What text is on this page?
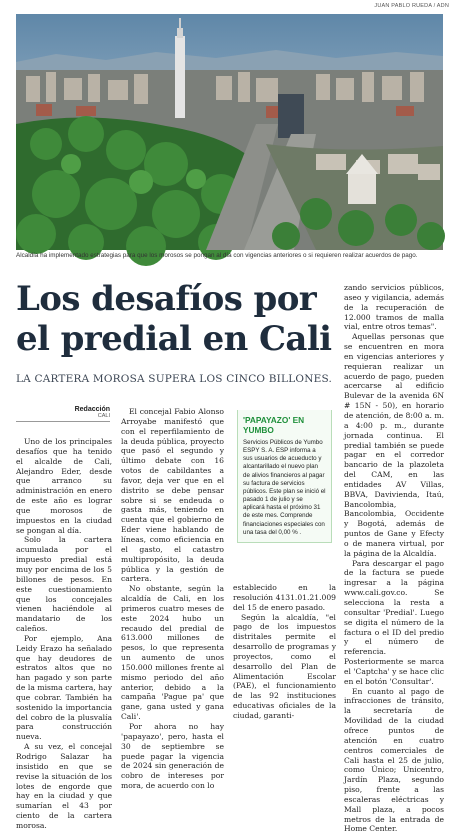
JUAN PABLO RUEDA / ADN
Alcaldía ha implementado estrategias para que los morosos se pongan al día con vigencias anteriores o si requieren realizar acuerdos de pago.
Los desafíos por el predial en Cali
LA CARTERA MOROSA SUPERA LOS CINCO BILLONES.
Redacción
CALI

Uno de los principales desafíos que ha tenido el alcalde de Cali, Alejandro Eder, desde que arranco su administración en enero de este año es lograr que morosos de impuestos en la ciudad se pongan al día.

Solo la cartera acumulada por el impuesto predial está muy por encima de los 5 billones de pesos. En este cuestionamiento que los concejales vienen haciéndole al mandatario de los caleños.

Por ejemplo, Ana Leidy Erazo ha señalado que hay deudores de estratos altos que no han pagado y son parte de la misma cartera, hay que cobrar. También ha sostenido la importancia del cobro de la plusvalía para construcción nueva.

A su vez, el concejal Rodrigo Salazar ha insistido en que se revise la situación de los lotes de engorde que hay en la ciudad y que sumarían el 43 por ciento de la cartera morosa.

El concejal Fabio Alonso Arroyabe manifestó que con el reperfilamiento de la deuda pública, proyecto que pasó el segundo y último debate con 16 votos de cabildantes a favor, deja ver que en el distrito se debe pensar sobre si se endeuda o gasta más, teniendo en cuenta que el gobierno de Eder viene hablando de líneas, como eficiencia en el gasto, el catastro multipropósito, la deuda pública y la gestión de cartera.

No obstante, según la alcaldía de Cali, en los primeros cuatro meses de este 2024 hubo un recaudo del predial de 613.000 millones de pesos, lo que representa un aumento de unos 150.000 millones frente al mismo periodo del año anterior, debido a la campaña 'Pague pa' que gane, gana usted y gana Cali'.

Por ahora no hay 'papayazo', pero, hasta el 30 de septiembre se puede pagar la vigencia de 2024 sin generación de cobro de intereses por mora, de acuerdo con lo

'PAPAYAZO' EN YUMBO
Servicios Públicos de Yumbo ESPY S. A. ESP informa a sus usuarios de acueducto y alcantarillado el nuevo plan de alivios financieros al pagar su factura de servicios públicos. Este plan se inició el pasado 1 de julio y se aplicará hasta el próximo 31 de este mes. Comprende financiaciones especiales con una tasa del 0,00 % .

establecido en la resolución 4131.01.21.009 del 15 de enero pasado.

Según la alcaldía, "el pago de los impuestos distritales permite el desarrollo de programas y proyectos, como el desarrollo del Plan de Alimentación Escolar (PAE), el funcionamiento de las 92 instituciones educativas oficiales de la ciudad, garanti-

zando servicios públicos, aseo y vigilancia, además de la recuperación de 12.000 tramos de malla vial, entre otros temas".

Aquellas personas que se encuentren en mora en vigencias anteriores y requieran realizar un acuerdo de pago, pueden acercarse al edificio Bulevar de la avenida 6N # 15N - 50), en horario de atención, de 8:00 a. m. a 4:00 p. m., durante jornada continua. El predial también se puede pagar en el corredor bancario de la plazoleta del CAM, en las entidades AV Villas, BBVA, Davivienda, Itaú, Bancolombia, Bancolombia, Occidente y Bogotá, además de puntos de Gane y Efecty o de manera virtual, por la página de la Alcaldía.

Para descargar el pago de la factura se puede ingresar a la página www.cali.gov.co. Se selecciona la resta a consultar 'Predial'. Luego se digita el número de la factura o el ID del predio y el número de referencia. Posteriormente se marca el 'Captcha' y se hace clic en el botón 'Consultar'.

En cuanto al pago de infracciones de tránsito, la secretaría de Movilidad de la ciudad ofrece puntos de atención en cuatro centros comerciales de Cali hasta el 25 de julio, como Único; Unicentro, Jardín Plaza, segundo piso, frente a las escaleras eléctricas y Mall plaza, a pocos metros de la entrada de Home Center.
